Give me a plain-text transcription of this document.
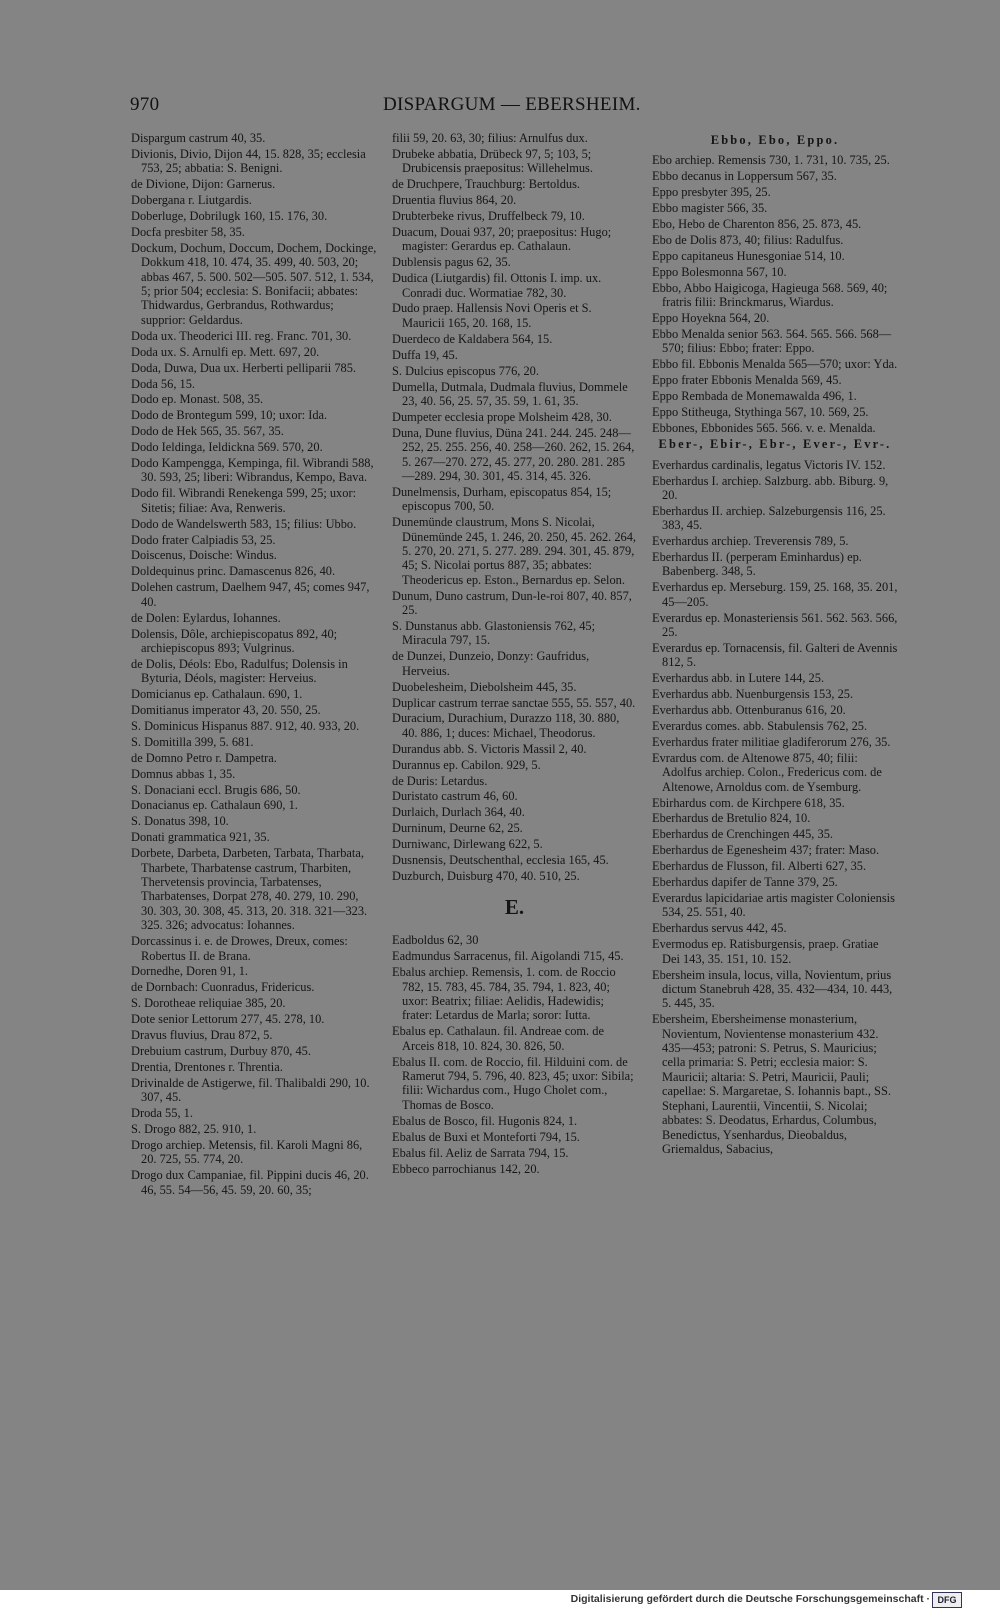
970	DISPARGUM — EBERSHEIM.
Dispargum castrum 40, 35.
Divionis, Divio, Dijon 44, 15. 828, 35; ecclesia 753, 25; abbatia: S. Benigni.
de Divione, Dijon: Garnerus.
Dobergana r. Liutgardis.
Doberluge, Dobrilugk 160, 15. 176, 30.
Docfa presbiter 58, 35.
Dockum, Dochum, Doccum, Dochem, Dockinge, Dokkum 418, 10. 474, 35. 499, 40. 503, 20; abbas 467, 5. 500. 502—505. 507. 512, 1. 534, 5; prior 504; ecclesia: S. Bonifacii; abbates: Thidwardus, Gerbrandus, Rothwardus; supprior: Geldardus.
Doda ux. Theoderici III. reg. Franc. 701, 30.
Doda ux. S. Arnulfi ep. Mett. 697, 20.
Doda, Duwa, Dua ux. Herberti pelliparii 785.
Doda 56, 15.
Dodo ep. Monast. 508, 35.
Dodo de Brontegum 599, 10; uxor: Ida.
Dodo de Hek 565, 35. 567, 35.
Dodo Ieldinga, Ieldickna 569. 570, 20.
Dodo Kampengga, Kempinga, fil. Wibrandi 588, 30. 593, 25; liberi: Wibrandus, Kempo, Bava.
Dodo fil. Wibrandi Renekenga 599, 25; uxor: Sitetis; filiae: Ava, Renweris.
Dodo de Wandelswerth 583, 15; filius: Ubbo.
Dodo frater Calpiadis 53, 25.
Doiscenus, Doische: Windus.
Doldequinus princ. Damascenus 826, 40.
Dolehen castrum, Daelhem 947, 45; comes 947, 40.
de Dolen: Eylardus, Iohannes.
Dolensis, Dôle, archiepiscopatus 892, 40; archiepiscopus 893; Vulgrinus.
de Dolis, Déols: Ebo, Radulfus; Dolensis in Byturia, Déols, magister: Herveius.
Domicianus ep. Cathalaun. 690, 1.
Domitianus imperator 43, 20. 550, 25.
S. Dominicus Hispanus 887. 912, 40. 933, 20.
S. Domitilla 399, 5. 681.
de Domno Petro r. Dampetra.
Domnus abbas 1, 35.
S. Donaciani eccl. Brugis 686, 50.
Donacianus ep. Cathalaun 690, 1.
S. Donatus 398, 10.
Donati grammatica 921, 35.
Dorbete, Darbeta, Darbeten, Tarbata, Tharbata, Tharbete, Tharbatense castrum, Tharbiten, Thervetensis provincia, Tarbatenses, Tharbatenses, Dorpat 278, 40. 279, 10. 290, 30. 303, 30. 308, 45. 313, 20. 318. 321—323. 325. 326; advocatus: Iohannes.
Dorcassinus i. e. de Drowes, Dreux, comes: Robertus II. de Brana.
Dornedhe, Doren 91, 1.
de Dornbach: Cuonradus, Fridericus.
S. Dorotheae reliquiae 385, 20.
Dote senior Lettorum 277, 45. 278, 10.
Dravus fluvius, Drau 872, 5.
Drebuium castrum, Durbuy 870, 45.
Drentia, Drentones r. Threntia.
Drivinalde de Astigerwe, fil. Thalibaldi 290, 10. 307, 45.
Droda 55, 1.
S. Drogo 882, 25. 910, 1.
Drogo archiep. Metensis, fil. Karoli Magni 86, 20. 725, 55. 774, 20.
Drogo dux Campaniae, fil. Pippini ducis 46, 20. 46, 55. 54—56, 45. 59, 20. 60, 35;
filii 59, 20. 63, 30; filius: Arnulfus dux.
Drubeke abbatia, Drübeck 97, 5; 103, 5; Drubicensis praepositus: Willehelmus.
de Druchpere, Trauchburg: Bertoldus.
Druentia fluvius 864, 20.
Drubterbeke rivus, Druffelbeck 79, 10.
Duacum, Douai 937, 20; praepositus: Hugo; magister: Gerardus ep. Cathalaun.
Dublensis pagus 62, 35.
Dudica (Liutgardis) fil. Ottonis I. imp. ux. Conradi duc. Wormatiae 782, 30.
Dudo praep. Hallensis Novi Operis et S. Mauricii 165, 20. 168, 15.
Duerdeco de Kaldabera 564, 15.
Duffa 19, 45.
S. Dulcius episcopus 776, 20.
Dumella, Dutmala, Dudmala fluvius, Dommele 23, 40. 56, 25. 57, 35. 59, 1. 61, 35.
Dumpeter ecclesia prope Molsheim 428, 30.
Duna, Dune fluvius, Düna 241. 244. 245. 248—252, 25. 255. 256, 40. 258—260. 262, 15. 264, 5. 267—270. 272, 45. 277, 20. 280. 281. 285—289. 294, 30. 301, 45. 314, 45. 326.
Dunelmensis, Durham, episcopatus 854, 15; episcopus 700, 50.
Dunemünde claustrum, Mons S. Nicolai, Dünemünde 245, 1. 246, 20. 250, 45. 262. 264, 5. 270, 20. 271, 5. 277. 289. 294. 301, 45. 879, 45; S. Nicolai portus 887, 35; abbates: Theodericus ep. Eston., Bernardus ep. Selon.
Dunum, Duno castrum, Dun-le-roi 807, 40. 857, 25.
S. Dunstanus abb. Glastoniensis 762, 45; Miracula 797, 15.
de Dunzei, Dunzeio, Donzy: Gaufridus, Herveius.
Duobelesheim, Diebolsheim 445, 35.
Duplicar castrum terrae sanctae 555, 55. 557, 40.
Duracium, Durachium, Durazzo 118, 30. 880, 40. 886, 1; duces: Michael, Theodorus.
Durandus abb. S. Victoris Massil 2, 40.
Durannus ep. Cabilon. 929, 5.
de Duris: Letardus.
Duristato castrum 46, 60.
Durlaich, Durlach 364, 40.
Durninum, Deurne 62, 25.
Durniwanc, Dirlewang 622, 5.
Dusnensis, Deutschenthal, ecclesia 165, 45.
Duzburch, Duisburg 470, 40. 510, 25.
E.
Eadboldus 62, 30
Eadmundus Sarracenus, fil. Aigolandi 715, 45.
Ebalus archiep. Remensis, 1. com. de Roccio 782, 15. 783, 45. 784, 35. 794, 1. 823, 40; uxor: Beatrix; filiae: Aelidis, Hadewidis; frater: Letardus de Marla; soror: Iutta.
Ebalus ep. Cathalaun. fil. Andreae com. de Arceis 818, 10. 824, 30. 826, 50.
Ebalus II. com. de Roccio, fil. Hilduini com. de Ramerut 794, 5. 796, 40. 823, 45; uxor: Sibila; filii: Wichardus com., Hugo Cholet com., Thomas de Bosco.
Ebalus de Bosco, fil. Hugonis 824, 1.
Ebalus de Buxi et Monteforti 794, 15.
Ebalus fil. Aeliz de Sarrata 794, 15.
Ebbeco parrochianus 142, 20.
Ebbo, Ebo, Eppo.
Ebo archiep. Remensis 730, 1. 731, 10. 735, 25.
Ebbo decanus in Loppersum 567, 35.
Eppo presbyter 395, 25.
Ebbo magister 566, 35.
Ebo, Hebo de Charenton 856, 25. 873, 45.
Ebo de Dolis 873, 40; filius: Radulfus.
Eppo capitaneus Hunesgoniae 514, 10.
Eppo Bolesmonna 567, 10.
Ebbo, Abbo Haigicoga, Hagieuga 568. 569, 40; fratris filii: Brinckmarus, Wiardus.
Eppo Hoyekna 564, 20.
Ebbo Menalda senior 563. 564. 565. 566. 568—570; filius: Ebbo; frater: Eppo.
Ebbo fil. Ebbonis Menalda 565—570; uxor: Yda.
Eppo frater Ebbonis Menalda 569, 45.
Eppo Rembada de Monemawalda 496, 1.
Eppo Stitheuga, Stythinga 567, 10. 569, 25.
Ebbones, Ebbonides 565. 566. v. e. Menalda.
Eber-, Ebir-, Ebr-, Ever-, Evr-.
Everhardus cardinalis, legatus Victoris IV. 152.
Eberhardus I. archiep. Salzburg. abb. Biburg. 9, 20.
Eberhardus II. archiep. Salzeburgensis 116, 25. 383, 45.
Everhardus archiep. Treverensis 789, 5.
Eberhardus II. (perperam Eminhardus) ep. Babenberg. 348, 5.
Everhardus ep. Merseburg. 159, 25. 168, 35. 201, 45—205.
Everardus ep. Monasteriensis 561. 562. 563. 566, 25.
Everardus ep. Tornacensis, fil. Galteri de Avennis 812, 5.
Everhardus abb. in Lutere 144, 25.
Everhardus abb. Nuenburgensis 153, 25.
Everhardus abb. Ottenburanus 616, 20.
Everardus comes. abb. Stabulensis 762, 25.
Everhardus frater militiae gladiferorum 276, 35.
Evrardus com. de Altenowe 875, 40; filii: Adolfus archiep. Colon., Fredericus com. de Altenowe, Arnoldus com. de Ysemburg.
Ebirhardus com. de Kirchpere 618, 35.
Eberhardus de Bretulio 824, 10.
Eberhardus de Crenchingen 445, 35.
Eberhardus de Egenesheim 437; frater: Maso.
Eberhardus de Flusson, fil. Alberti 627, 35.
Eberhardus dapifer de Tanne 379, 25.
Everardus lapicidariae artis magister Coloniensis 534, 25. 551, 40.
Eberhardus servus 442, 45.
Evermodus ep. Ratisburgensis, praep. Gratiae Dei 143, 35. 151, 10. 152.
Ebersheim insula, locus, villa, Novientum, prius dictum Stanebruh 428, 35. 432—434, 10. 443, 5. 445, 35.
Ebersheim, Ebersheimense monasterium, Novientum, Novientense monasterium 432. 435—453; patroni: S. Petrus, S. Mauricius; cella primaria: S. Petri; ecclesia maior: S. Mauricii; altaria: S. Petri, Mauricii, Pauli; capellae: S. Margaretae, S. Iohannis bapt., SS. Stephani, Laurentii, Vincentii, S. Nicolai; abbates: S. Deodatus, Erhardus, Columbus, Benedictus, Ysenhardus, Dieobaldus, Griemaldus, Sabacius,
Digitalisierung gefördert durch die Deutsche Forschungsgemeinschaft · DFG
